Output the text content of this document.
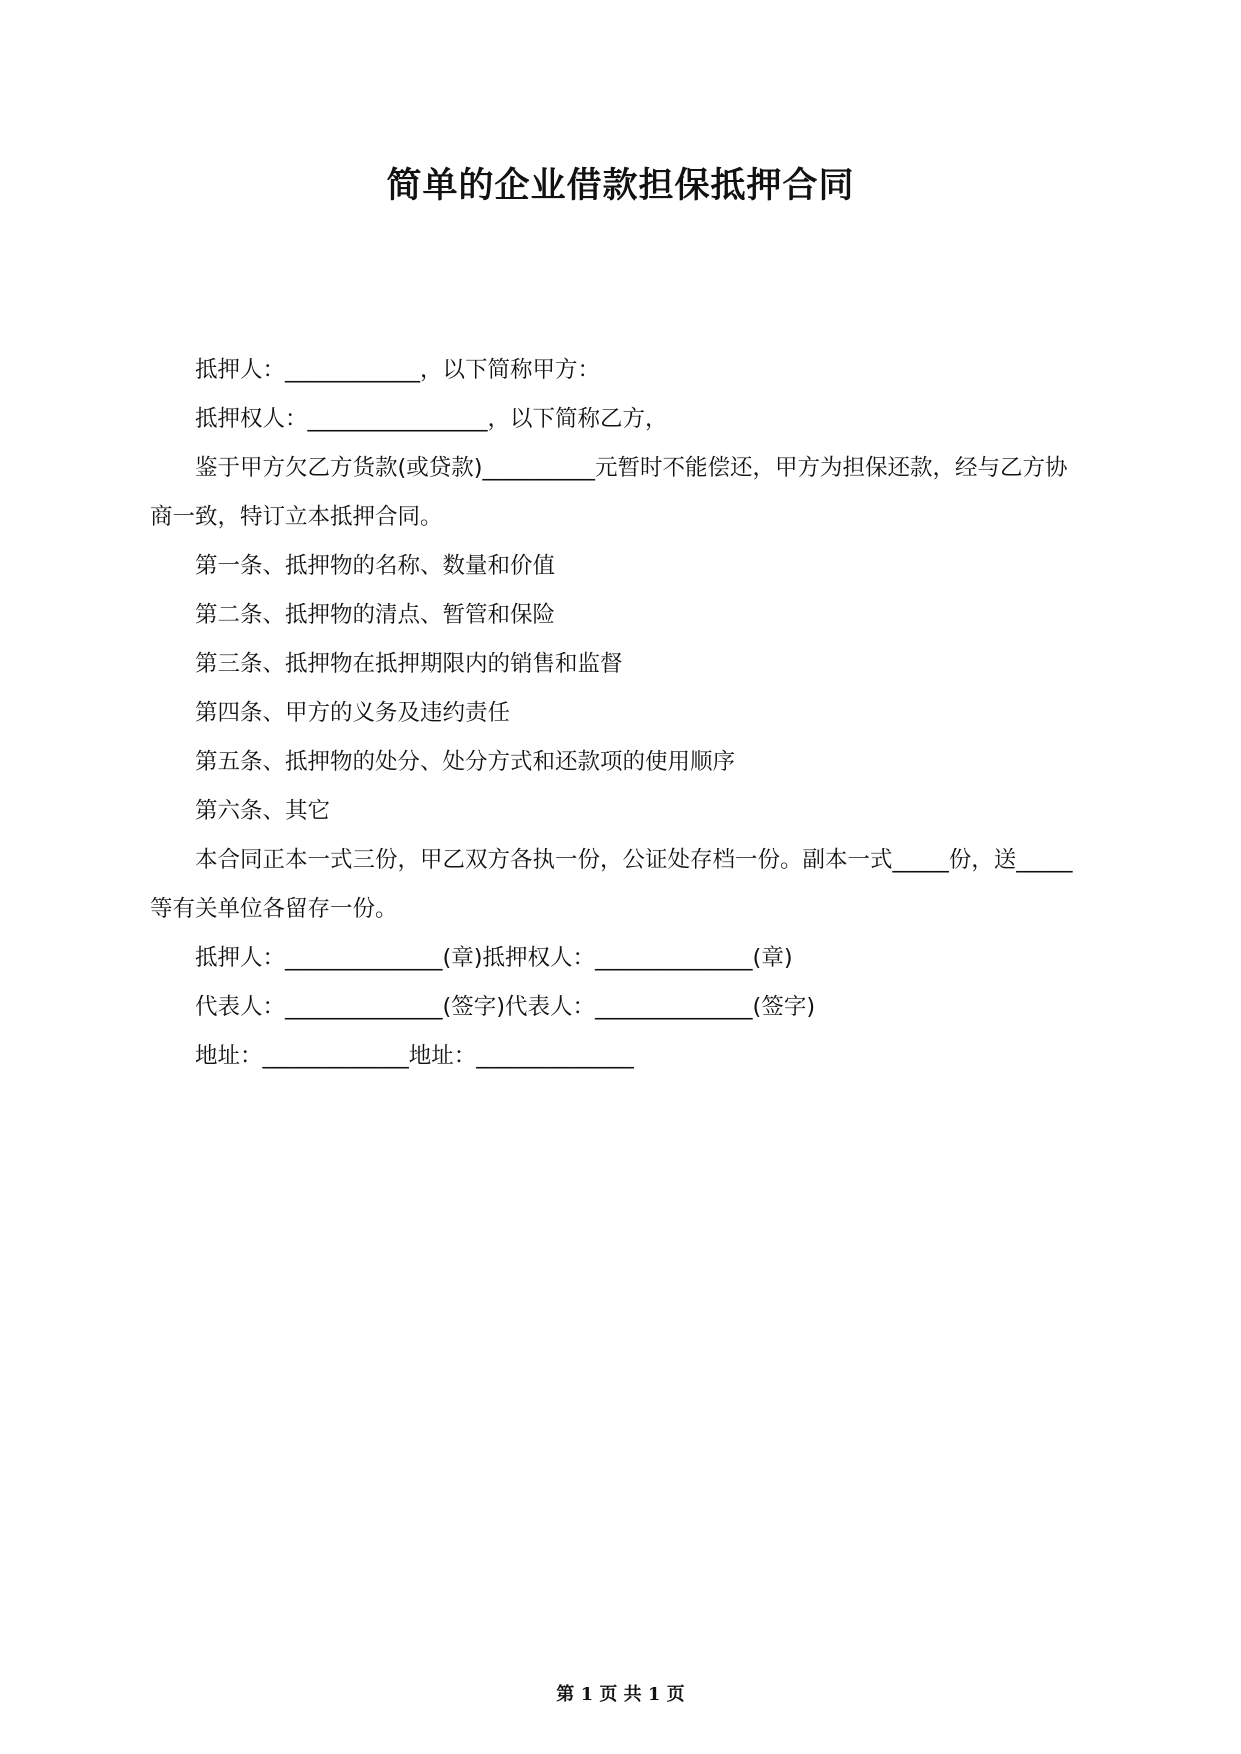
简单的企业借款担保抵押合同

抵押人：____________，以下简称甲方：

抵押权人：________________，以下简称乙方，

鉴于甲方欠乙方货款(或贷款)__________元暂时不能偿还，甲方为担保还款，经与乙方协商一致，特订立本抵押合同。

第一条、抵押物的名称、数量和价值

第二条、抵押物的清点、暂管和保险

第三条、抵押物在抵押期限内的销售和监督

第四条、甲方的义务及违约责任

第五条、抵押物的处分、处分方式和还款项的使用顺序

第六条、其它

本合同正本一式三份，甲乙双方各执一份，公证处存档一份。副本一式_____份，送_____等有关单位各留存一份。

抵押人：______________(章)抵押权人：______________(章)

代表人：______________(签字)代表人：______________(签字)

地址：_____________地址：______________

第 1 页 共 1 页
